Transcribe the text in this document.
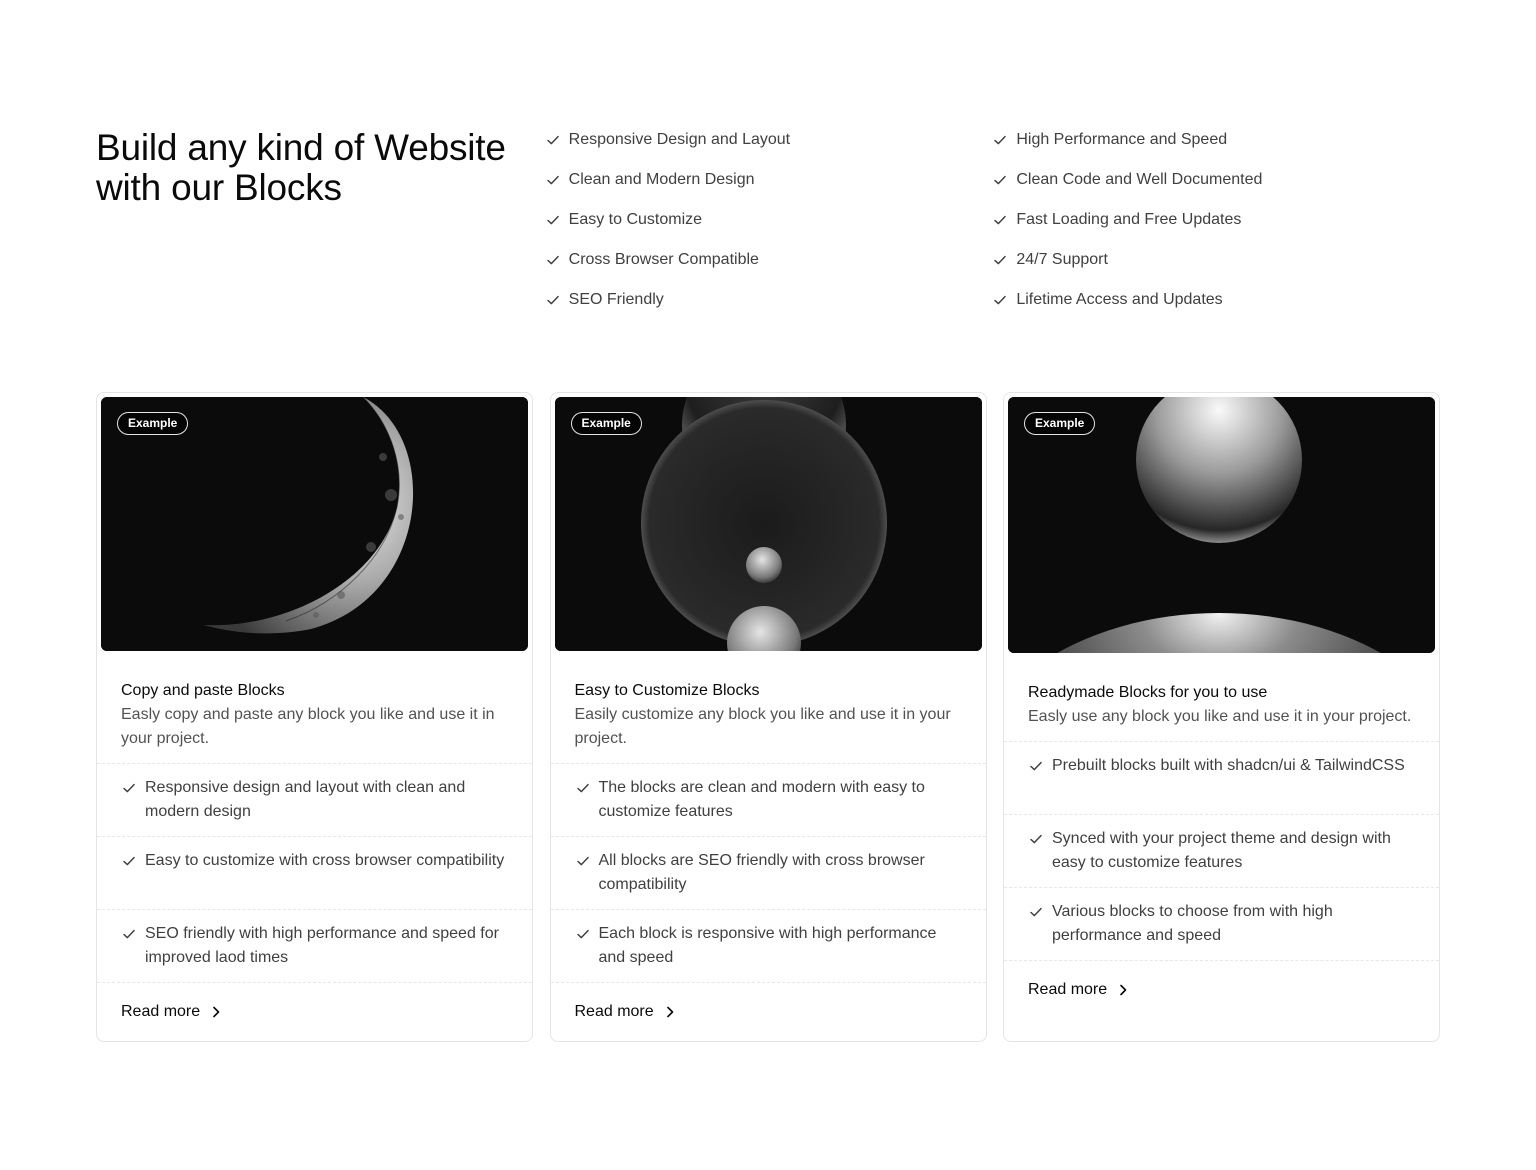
Build any kind of Website with our Blocks
Responsive Design and Layout
Clean and Modern Design
Easy to Customize
Cross Browser Compatible
SEO Friendly
High Performance and Speed
Clean Code and Well Documented
Fast Loading and Free Updates
24/7 Support
Lifetime Access and Updates
Example
Copy and paste Blocks
Easly copy and paste any block you like and use it in your project.
Responsive design and layout with clean and modern design
Easy to customize with cross browser compatibility
SEO friendly with high performance and speed for improved laod times
Read more
Example
Easy to Customize Blocks
Easily customize any block you like and use it in your project.
The blocks are clean and modern with easy to customize features
All blocks are SEO friendly with cross browser compatibility
Each block is responsive with high performance and speed
Read more
Example
Readymade Blocks for you to use
Easly use any block you like and use it in your project.
Prebuilt blocks built with shadcn/ui & TailwindCSS
Synced with your project theme and design with easy to customize features
Various blocks to choose from with high performance and speed
Read more
